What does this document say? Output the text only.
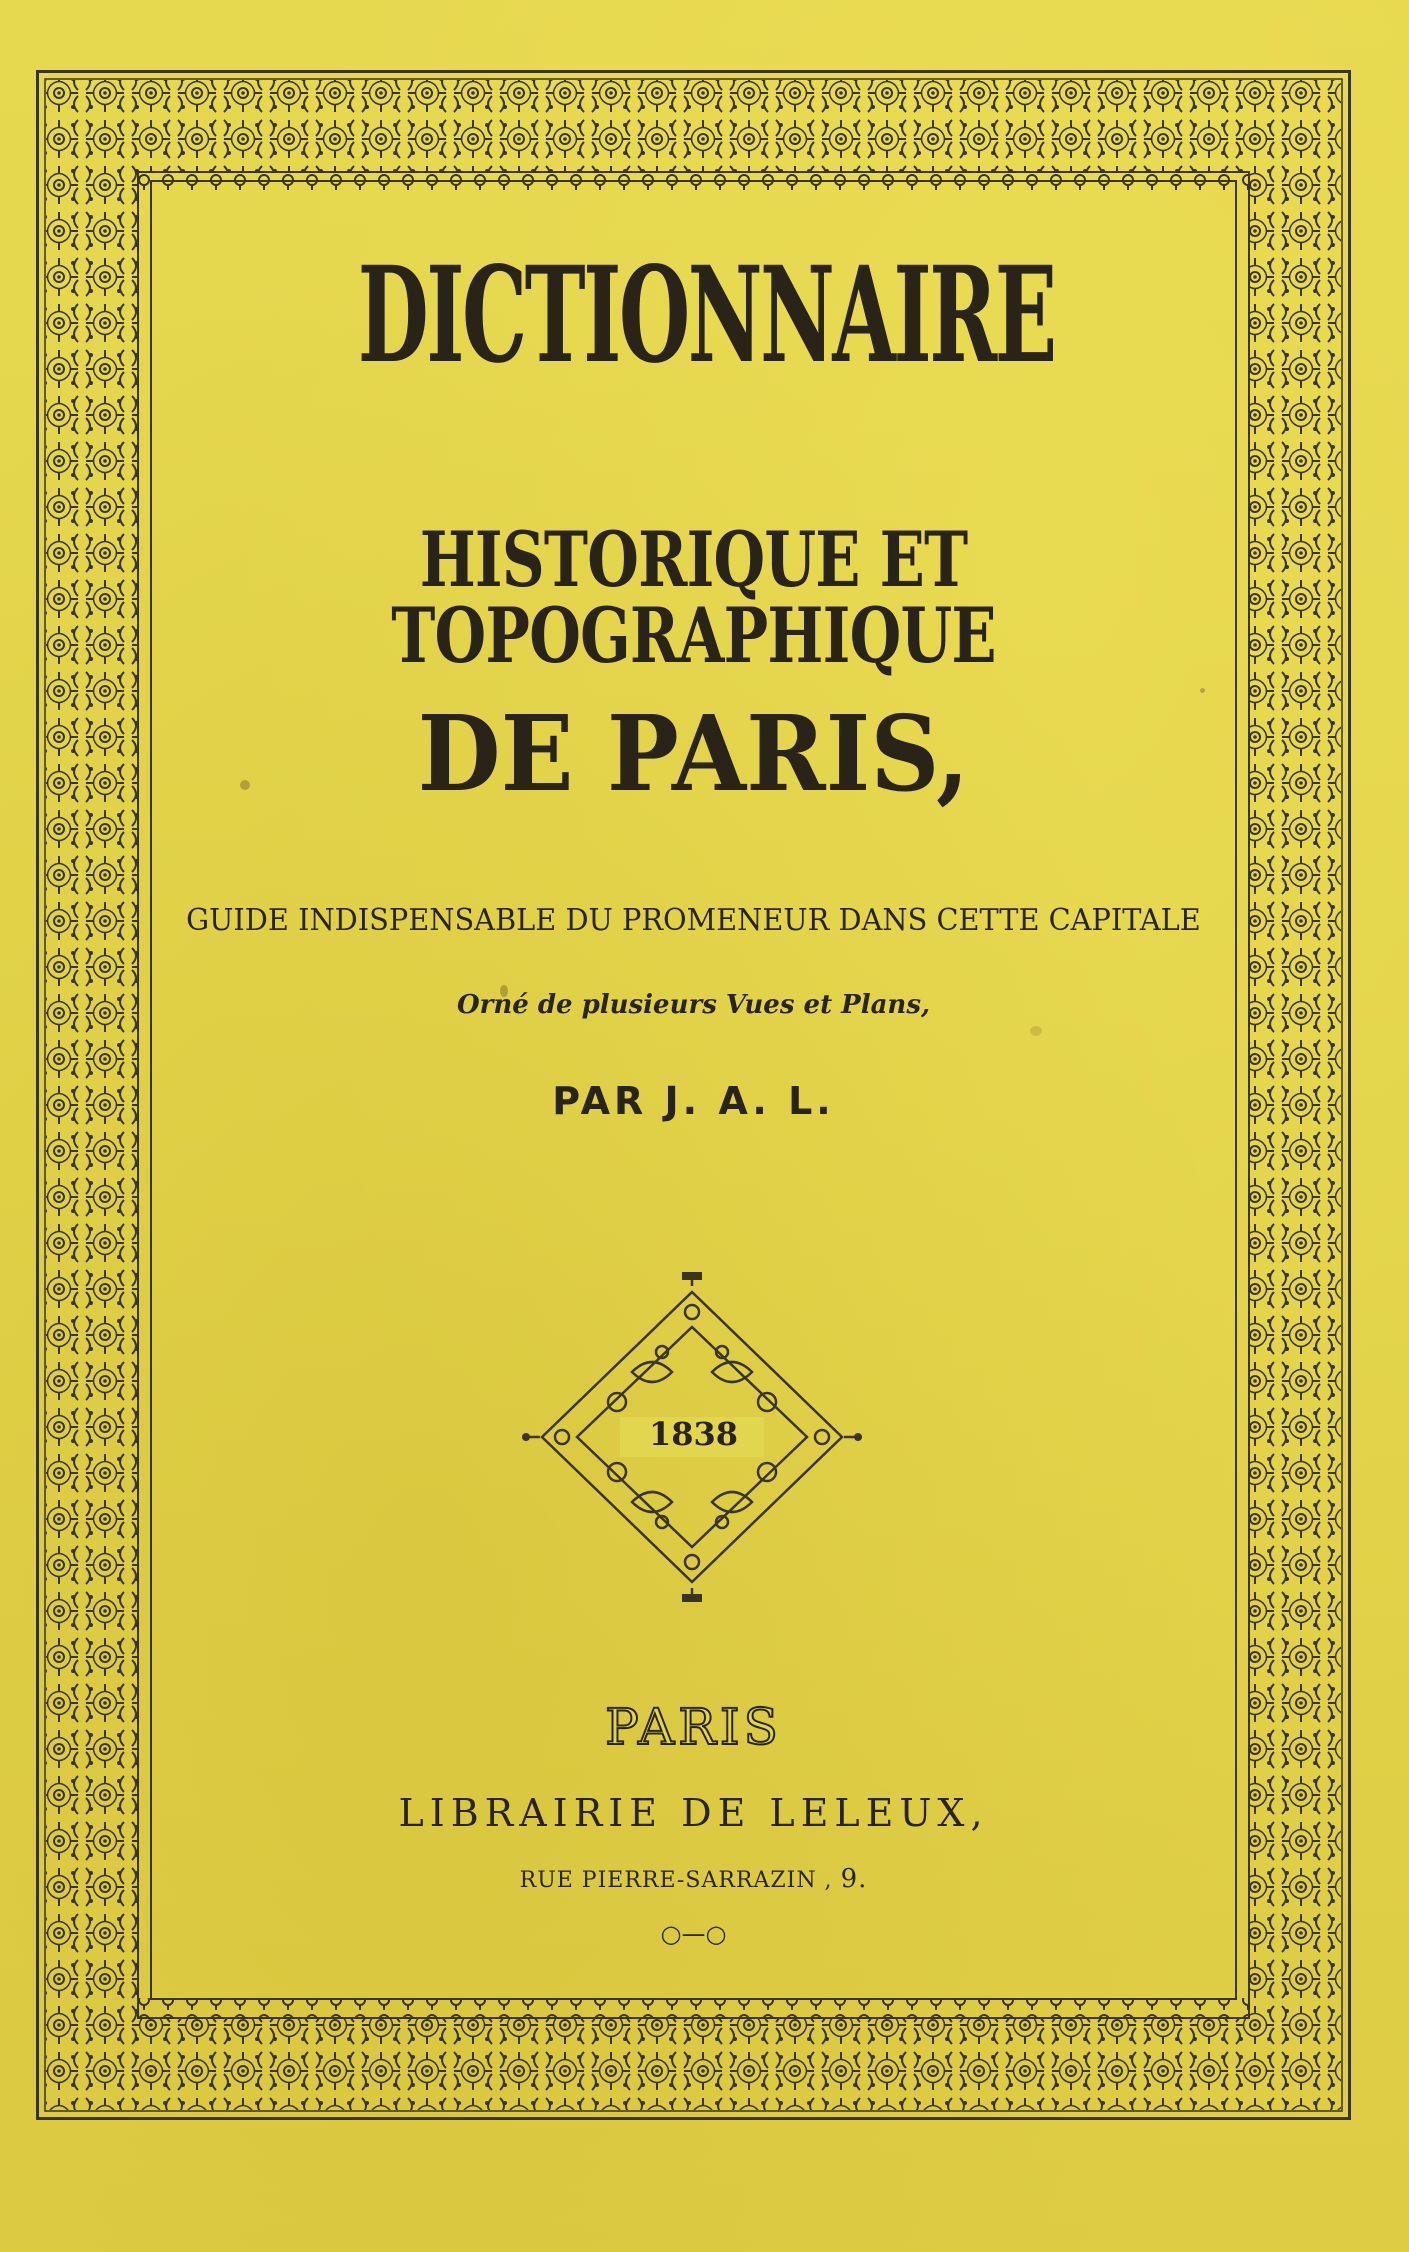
DICTIONNAIRE
HISTORIQUE ET TOPOGRAPHIQUE
DE PARIS,
GUIDE INDISPENSABLE DU PROMENEUR DANS CETTE CAPITALE
Orné de plusieurs Vues et Plans,
PAR J. A. L.
1838
PARIS
LIBRAIRIE DE LELEUX,
RUE PIERRE-SARRAZIN , 9.
○—○
